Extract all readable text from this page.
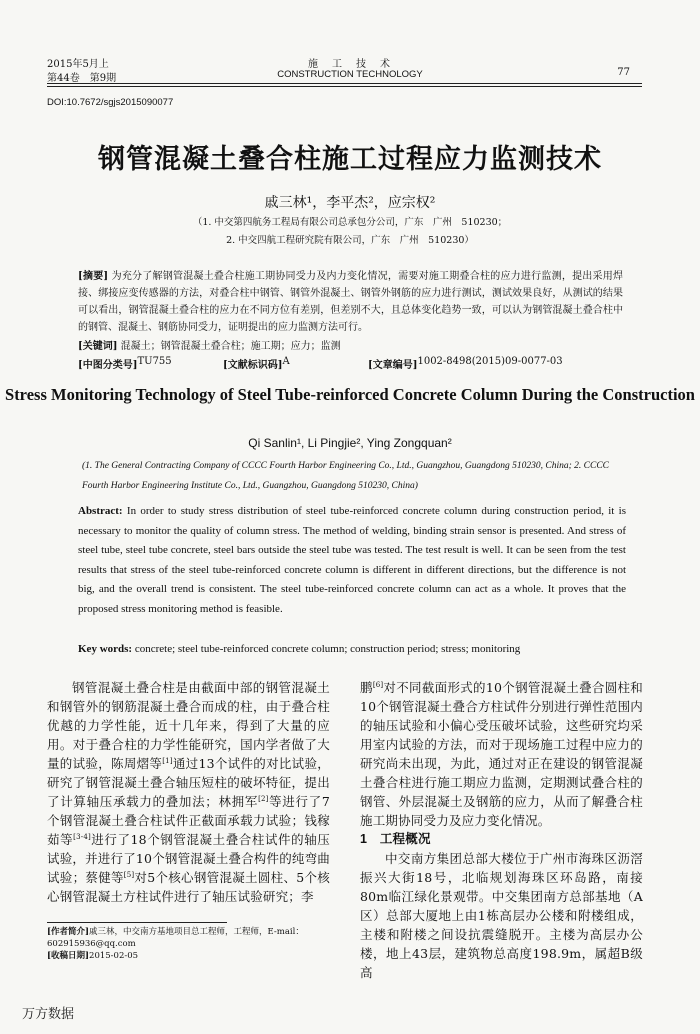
2015年5月上
第44卷　第9期
施　工　技　术
CONSTRUCTION TECHNOLOGY	77
DOI:10.7672/sgjs2015090077
钢管混凝土叠合柱施工过程应力监测技术
戚三林¹，李平杰²，应宗权²
（1. 中交第四航务工程局有限公司总承包分公司，广东　广州　510230；
2. 中交四航工程研究院有限公司，广东　广州　510230）
[摘要] 为充分了解钢管混凝土叠合柱施工期协同受力及内力变化情况，需要对施工期叠合柱的应力进行监测，提出采用焊接、绑接应变传感器的方法，对叠合柱中钢管、钢管外混凝土、钢管外钢筋的应力进行测试，测试效果良好，从测试的结果可以看出，钢管混凝土叠合柱的应力在不同方位有差别，但差别不大，且总体变化趋势一致，可以认为钢管混凝土叠合柱中的钢管、混凝土、钢筋协同受力，证明提出的应力监测方法可行。
[关键词] 混凝土；钢管混凝土叠合柱；施工期；应力；监测
[中图分类号] TU755	[文献标识码] A	[文章编号] 1002-8498(2015)09-0077-03
Stress Monitoring Technology of Steel Tube-reinforced Concrete Column During the Construction
Qi Sanlin¹, Li Pingjie², Ying Zongquan²
(1. The General Contracting Company of CCCC Fourth Harbor Engineering Co., Ltd., Guangzhou, Guangdong 510230, China; 2. CCCC Fourth Harbor Engineering Institute Co., Ltd., Guangzhou, Guangdong 510230, China)
Abstract: In order to study stress distribution of steel tube-reinforced concrete column during construction period, it is necessary to monitor the quality of column stress. The method of welding, binding strain sensor is presented. And stress of steel tube, steel tube concrete, steel bars outside the steel tube was tested. The test result is well. It can be seen from the test results that stress of the steel tube-reinforced concrete column is different in different directions, but the difference is not big, and the overall trend is consistent. The steel tube-reinforced concrete column can act as a whole. It proves that the proposed stress monitoring method is feasible.
Key words: concrete; steel tube-reinforced concrete column; construction period; stress; monitoring

钢管混凝土叠合柱是由截面中部的钢管混凝土和钢管外的钢筋混凝土叠合而成的柱，由于叠合柱优越的力学性能，近十几年来，得到了大量的应用。对于叠合柱的力学性能研究，国内学者做了大量的试验，陈周熠等[1]通过13个试件的对比试验，研究了钢管混凝土叠合轴压短柱的破坏特征，提出了计算轴压承载力的叠加法；林拥军[2]等进行了7个钢管混凝土叠合柱试件正截面承载力试验；钱稼茹等[3-4]进行了18个钢管混凝土叠合柱试件的轴压试验，并进行了10个钢管混凝土叠合构件的纯弯曲试验；蔡健等[5]对5个核心钢管混凝土圆柱、5个核心钢管混凝土方柱试件进行了轴压试验研究；李

鹏[6]对不同截面形式的10个钢管混凝土叠合圆柱和10个钢管混凝土叠合方柱试件分别进行弹性范围内的轴压试验和小偏心受压破坏试验，这些研究均采用室内试验的方法，而对于现场施工过程中应力的研究尚未出现，为此，通过对正在建设的钢管混凝土叠合柱进行施工期应力监测，定期测试叠合柱的钢管、外层混凝土及钢筋的应力，从而了解叠合柱施工期协同受力及应力变化情况。

1　工程概况

中交南方集团总部大楼位于广州市海珠区沥滘振兴大街18号，北临规划海珠区环岛路，南接80m临江绿化景观带。中交集团南方总部基地（A区）总部大厦地上由1栋高层办公楼和附楼组成，主楼和附楼之间设抗震缝脱开。主楼为高层办公楼，地上43层，建筑物总高度198.9m，属超B级高

[作者简介]戚三林，中交南方基地项目总工程师，工程师，E-mail：602915936@qq.com
[收稿日期]2015-02-05
万方数据
